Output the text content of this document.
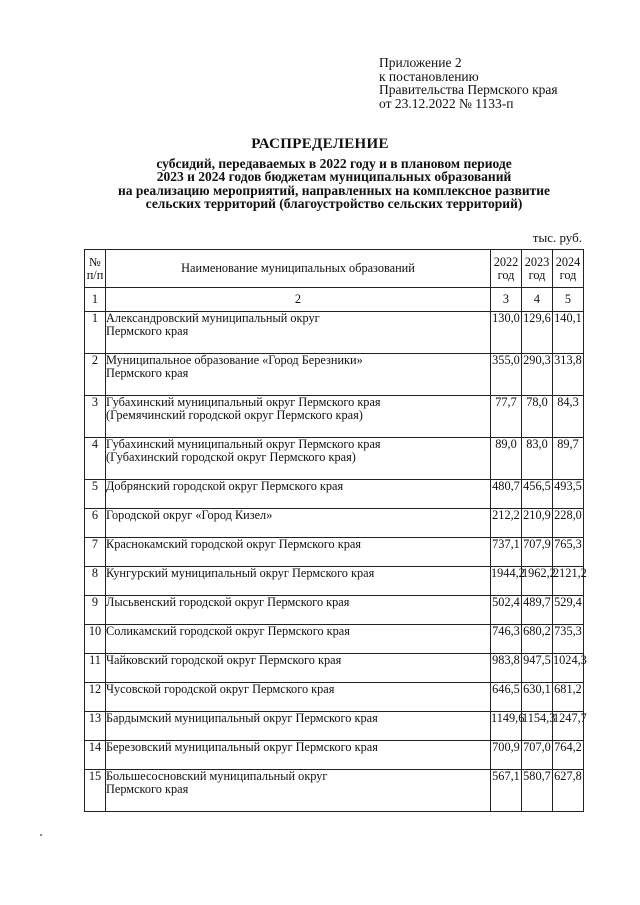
Приложение 2
к постановлению
Правительства Пермского края
от 23.12.2022 № 1133-п
РАСПРЕДЕЛЕНИЕ
субсидий, передаваемых в 2022 году и в плановом периоде
2023 и 2024 годов бюджетам муниципальных образований
на реализацию мероприятий, направленных на комплексное развитие
сельских территорий (благоустройство сельских территорий)
тыс. руб.
№
п/п	Наименование муниципальных образований	2022 год	2023 год	2024 год
1	2	3	4	5
1	Александровский муниципальный округ
Пермского края	130,0	129,6	140,1
2	Муниципальное образование «Город Березники»
Пермского края	355,0	290,3	313,8
3	Губахинский муниципальный округ Пермского края
(Гремячинский городской округ Пермского края)	77,7	78,0	84,3
4	Губахинский муниципальный округ Пермского края
(Губахинский городской округ Пермского края)	89,0	83,0	89,7
5	Добрянский городской округ Пермского края	480,7	456,5	493,5
6	Городской округ «Город Кизел»	212,2	210,9	228,0
7	Краснокамский городской округ Пермского края	737,1	707,9	765,3
8	Кунгурский муниципальный округ Пермского края	1944,2	1962,2	2121,2
9	Лысьвенский городской округ Пермского края	502,4	489,7	529,4
10	Соликамский городской округ Пермского края	746,3	680,2	735,3
11	Чайковский городской округ Пермского края	983,8	947,5	1024,3
12	Чусовской городской округ Пермского края	646,5	630,1	681,2
13	Бардымский муниципальный округ Пермского края	1149,6	1154,3	1247,7
14	Березовский муниципальный округ Пермского края	700,9	707,0	764,2
15	Большесосновский муниципальный округ
Пермского края	567,1	580,7	627,8
